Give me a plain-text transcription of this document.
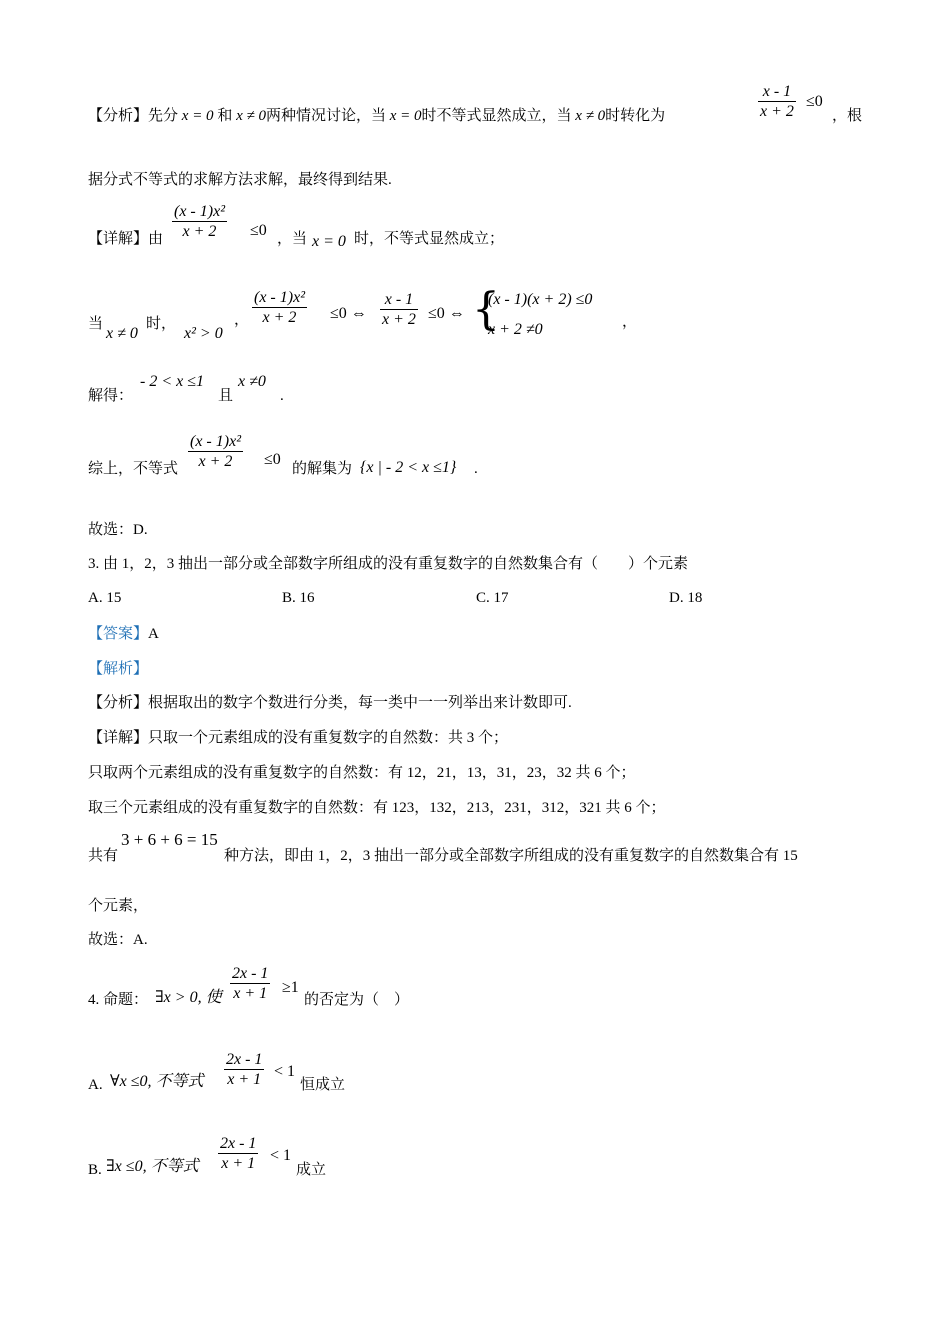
【分析】先分 x = 0 和 x ≠ 0两种情况讨论，当 x = 0时不等式显然成立，当 x ≠ 0时转化为	$\frac{x - 1}{x + 2} \le 0$
，根
据分式不等式的求解方法求解，最终得到结果.
【详解】由 $\frac{\text{(x - 1)x²}}{x + 2} \le 0$ ，当 x = 0 时，不等式显然成立；
当
x ≠ 0
时，
x² > 0
， $\frac{\text{(x - 1)x²}}{x + 2} \le 0$ ⇔ $\frac{x - 1}{x + 2} \le 0$ ⇔ {
(x - 1)(x + 2) ≤0
x + 2 ≠0	，
解得：
- 2 < x ≤1
且
x ≠0
.
综上，不等式 $\frac{\text{(x - 1)x²}}{x + 2} \le 0$
的解集为 {x | - 2 < x ≤1} .
故选：D.
3. 由 1，2，3 抽出一部分或全部数字所组成的没有重复数字的自然数集合有（　　）个元素
A. 15	B. 16	C. 17	D. 18
【答案】A
【解析】
【分析】根据取出的数字个数进行分类，每一类中一一列举出来计数即可.
【详解】只取一个元素组成的没有重复数字的自然数：共 3 个；
只取两个元素组成的没有重复数字的自然数：有 12，21，13，31，23，32 共 6 个；
取三个元素组成的没有重复数字的自然数：有 123，132，213，231，312，321 共 6 个；
共有
3 + 6 + 6 = 15
种方法，即由 1，2，3 抽出一部分或全部数字所组成的没有重复数字的自然数集合有 15
个元素，
故选：A.
4. 命题： ∃x > 0, 使 $\frac{2x - 1}{x + 1} \ge 1$
的否定为（　）
A. ∀x ≤0, 不等式 $\frac{2x - 1}{x + 1} < 1$
恒成立
B. ∃x ≤0, 不等式 $\frac{2x - 1}{x + 1} < 1$
成立
